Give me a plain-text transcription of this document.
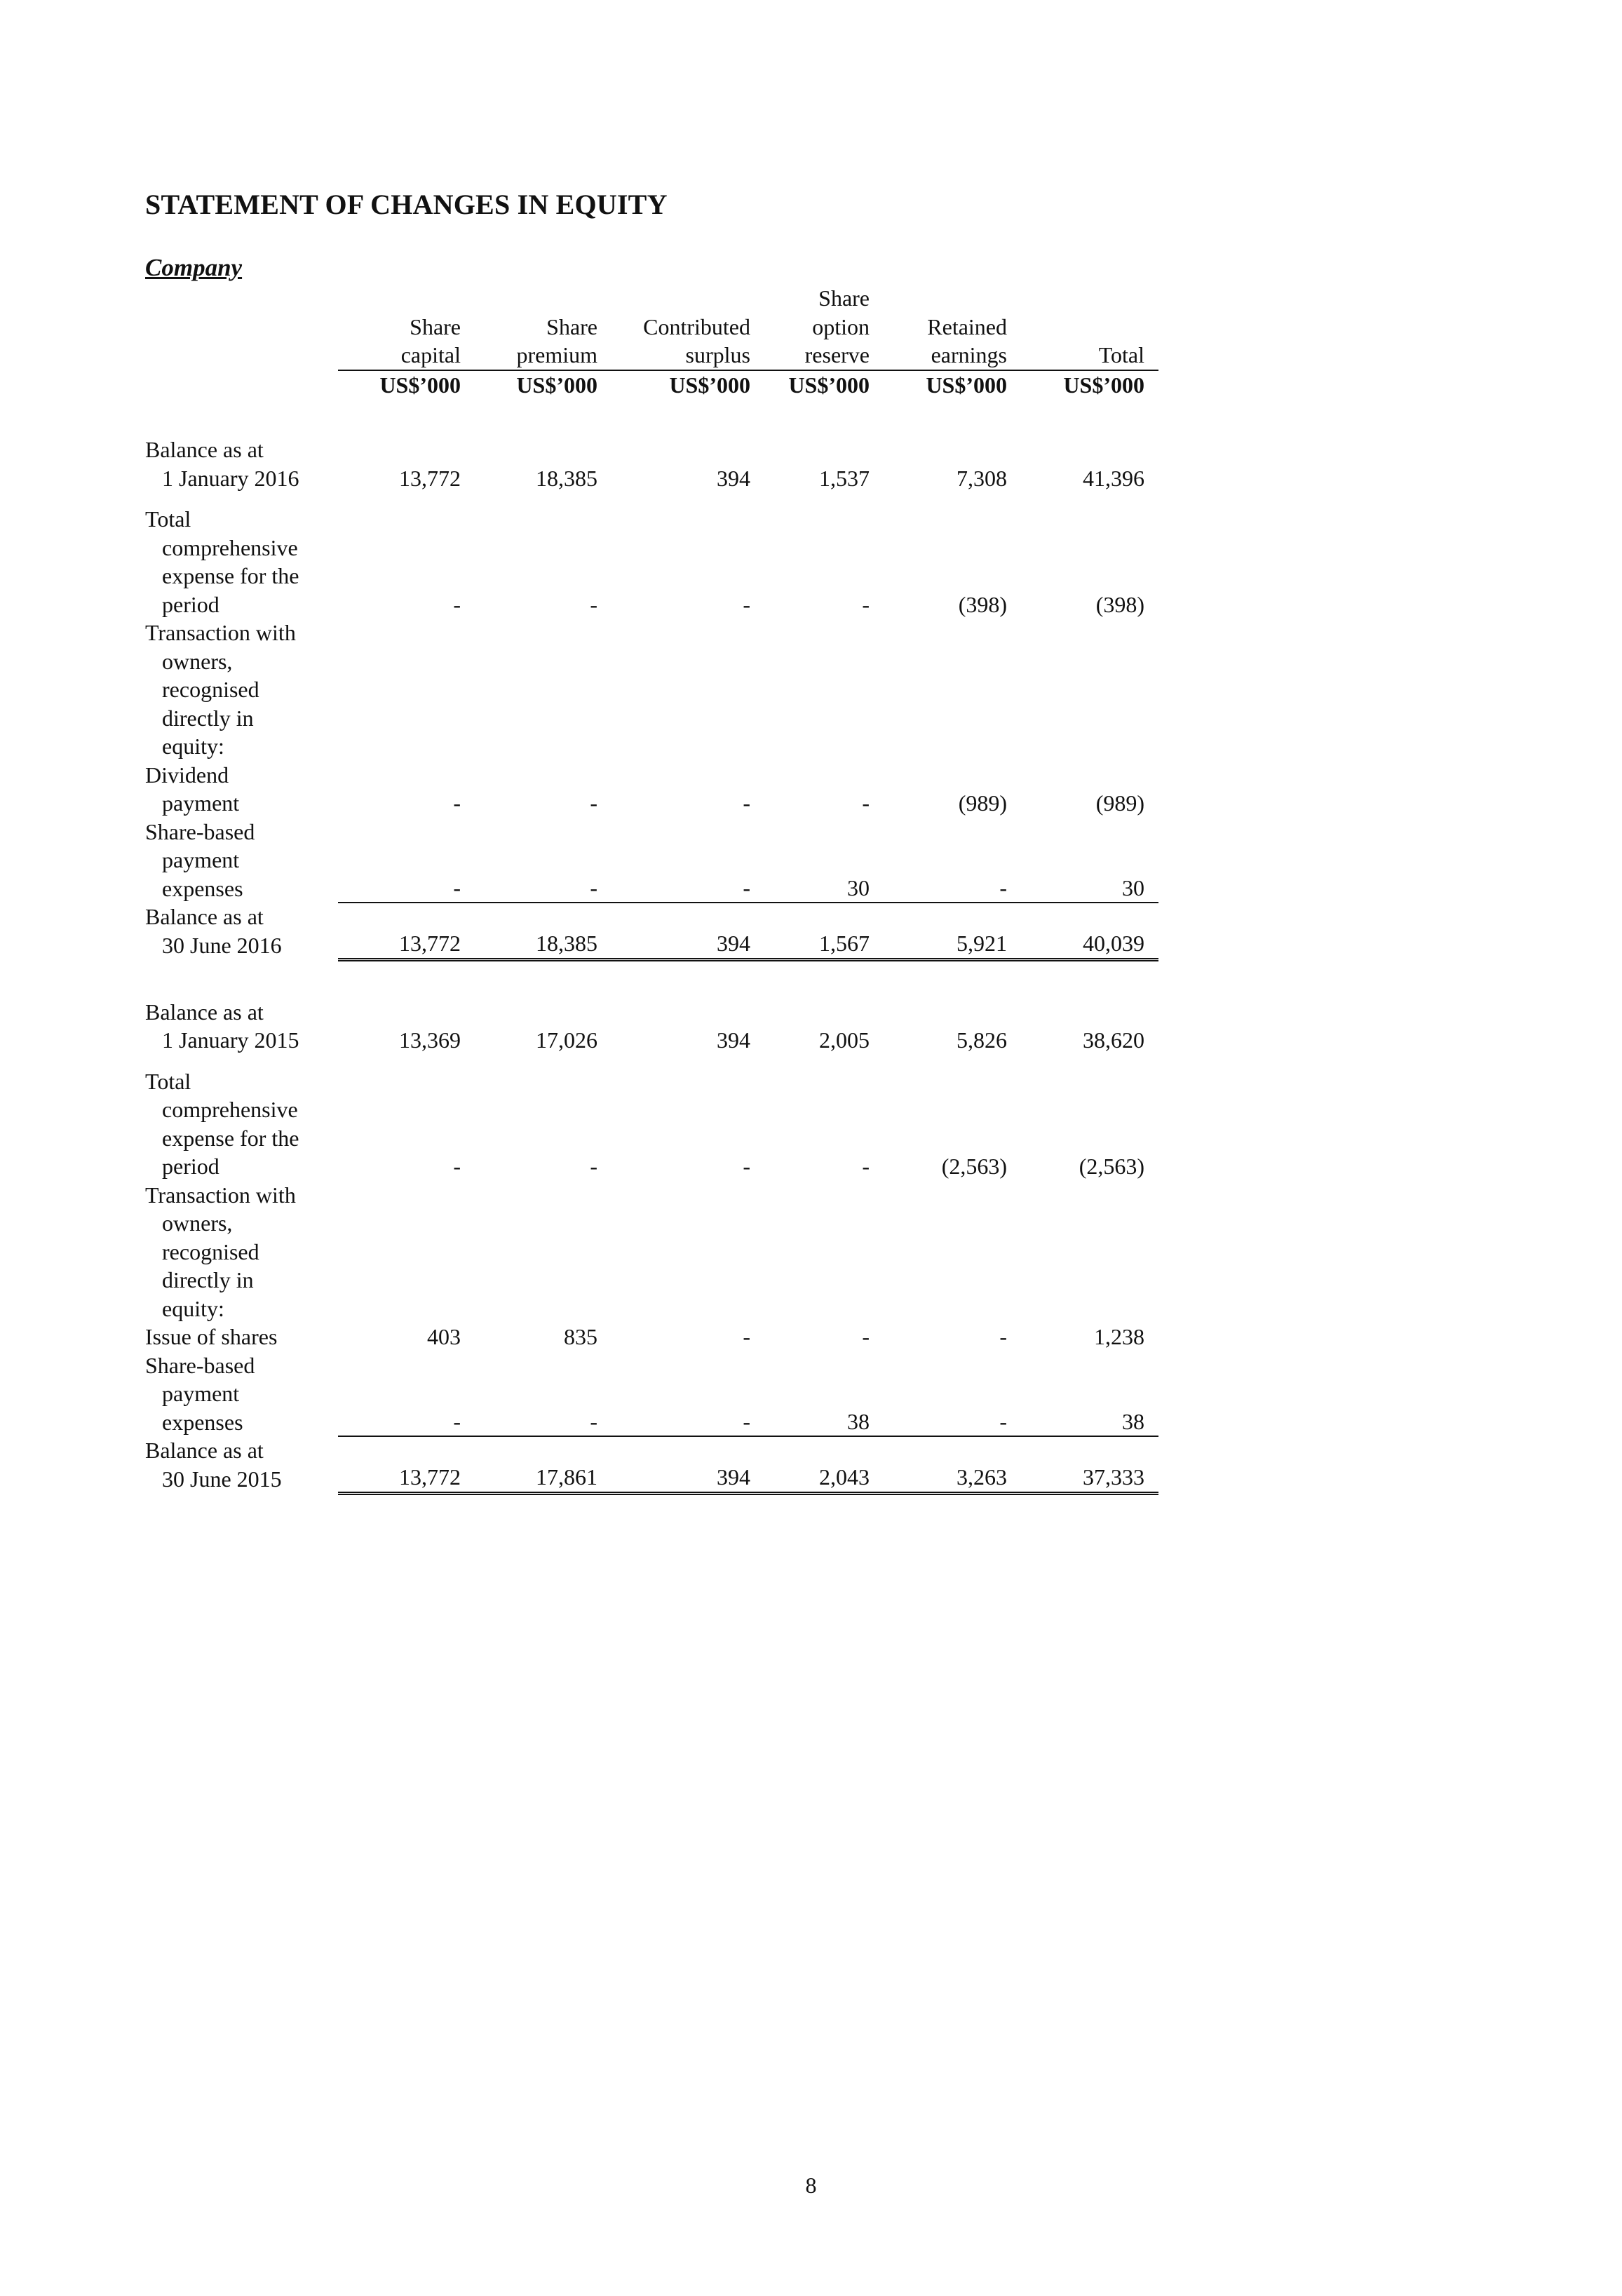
STATEMENT OF CHANGES IN EQUITY
Company
				Share		
	Share	Share	Contributed	option	Retained	
	capital	premium	surplus	reserve	earnings	Total
	US$’000	US$’000	US$’000	US$’000	US$’000	US$’000

Balance as at
1 January 2016	13,772	18,385	394	1,537	7,308	41,396

Total
comprehensive
expense for the
period	-	-	-	-	(398)	(398)

Transaction with
owners,
recognised
directly in
equity:						

Dividend
payment	-	-	-	-	(989)	(989)

Share-based
payment
expenses	-	-	-	30	-	30

Balance as at
30 June 2016	13,772	18,385	394	1,567	5,921	40,039

Balance as at
1 January 2015	13,369	17,026	394	2,005	5,826	38,620

Total
comprehensive
expense for the
period	-	-	-	-	(2,563)	(2,563)

Transaction with
owners,
recognised
directly in
equity:						

Issue of shares	403	835	-	-	-	1,238

Share-based
payment
expenses	-	-	-	38	-	38

Balance as at
30 June 2015	13,772	17,861	394	2,043	3,263	37,333
8
